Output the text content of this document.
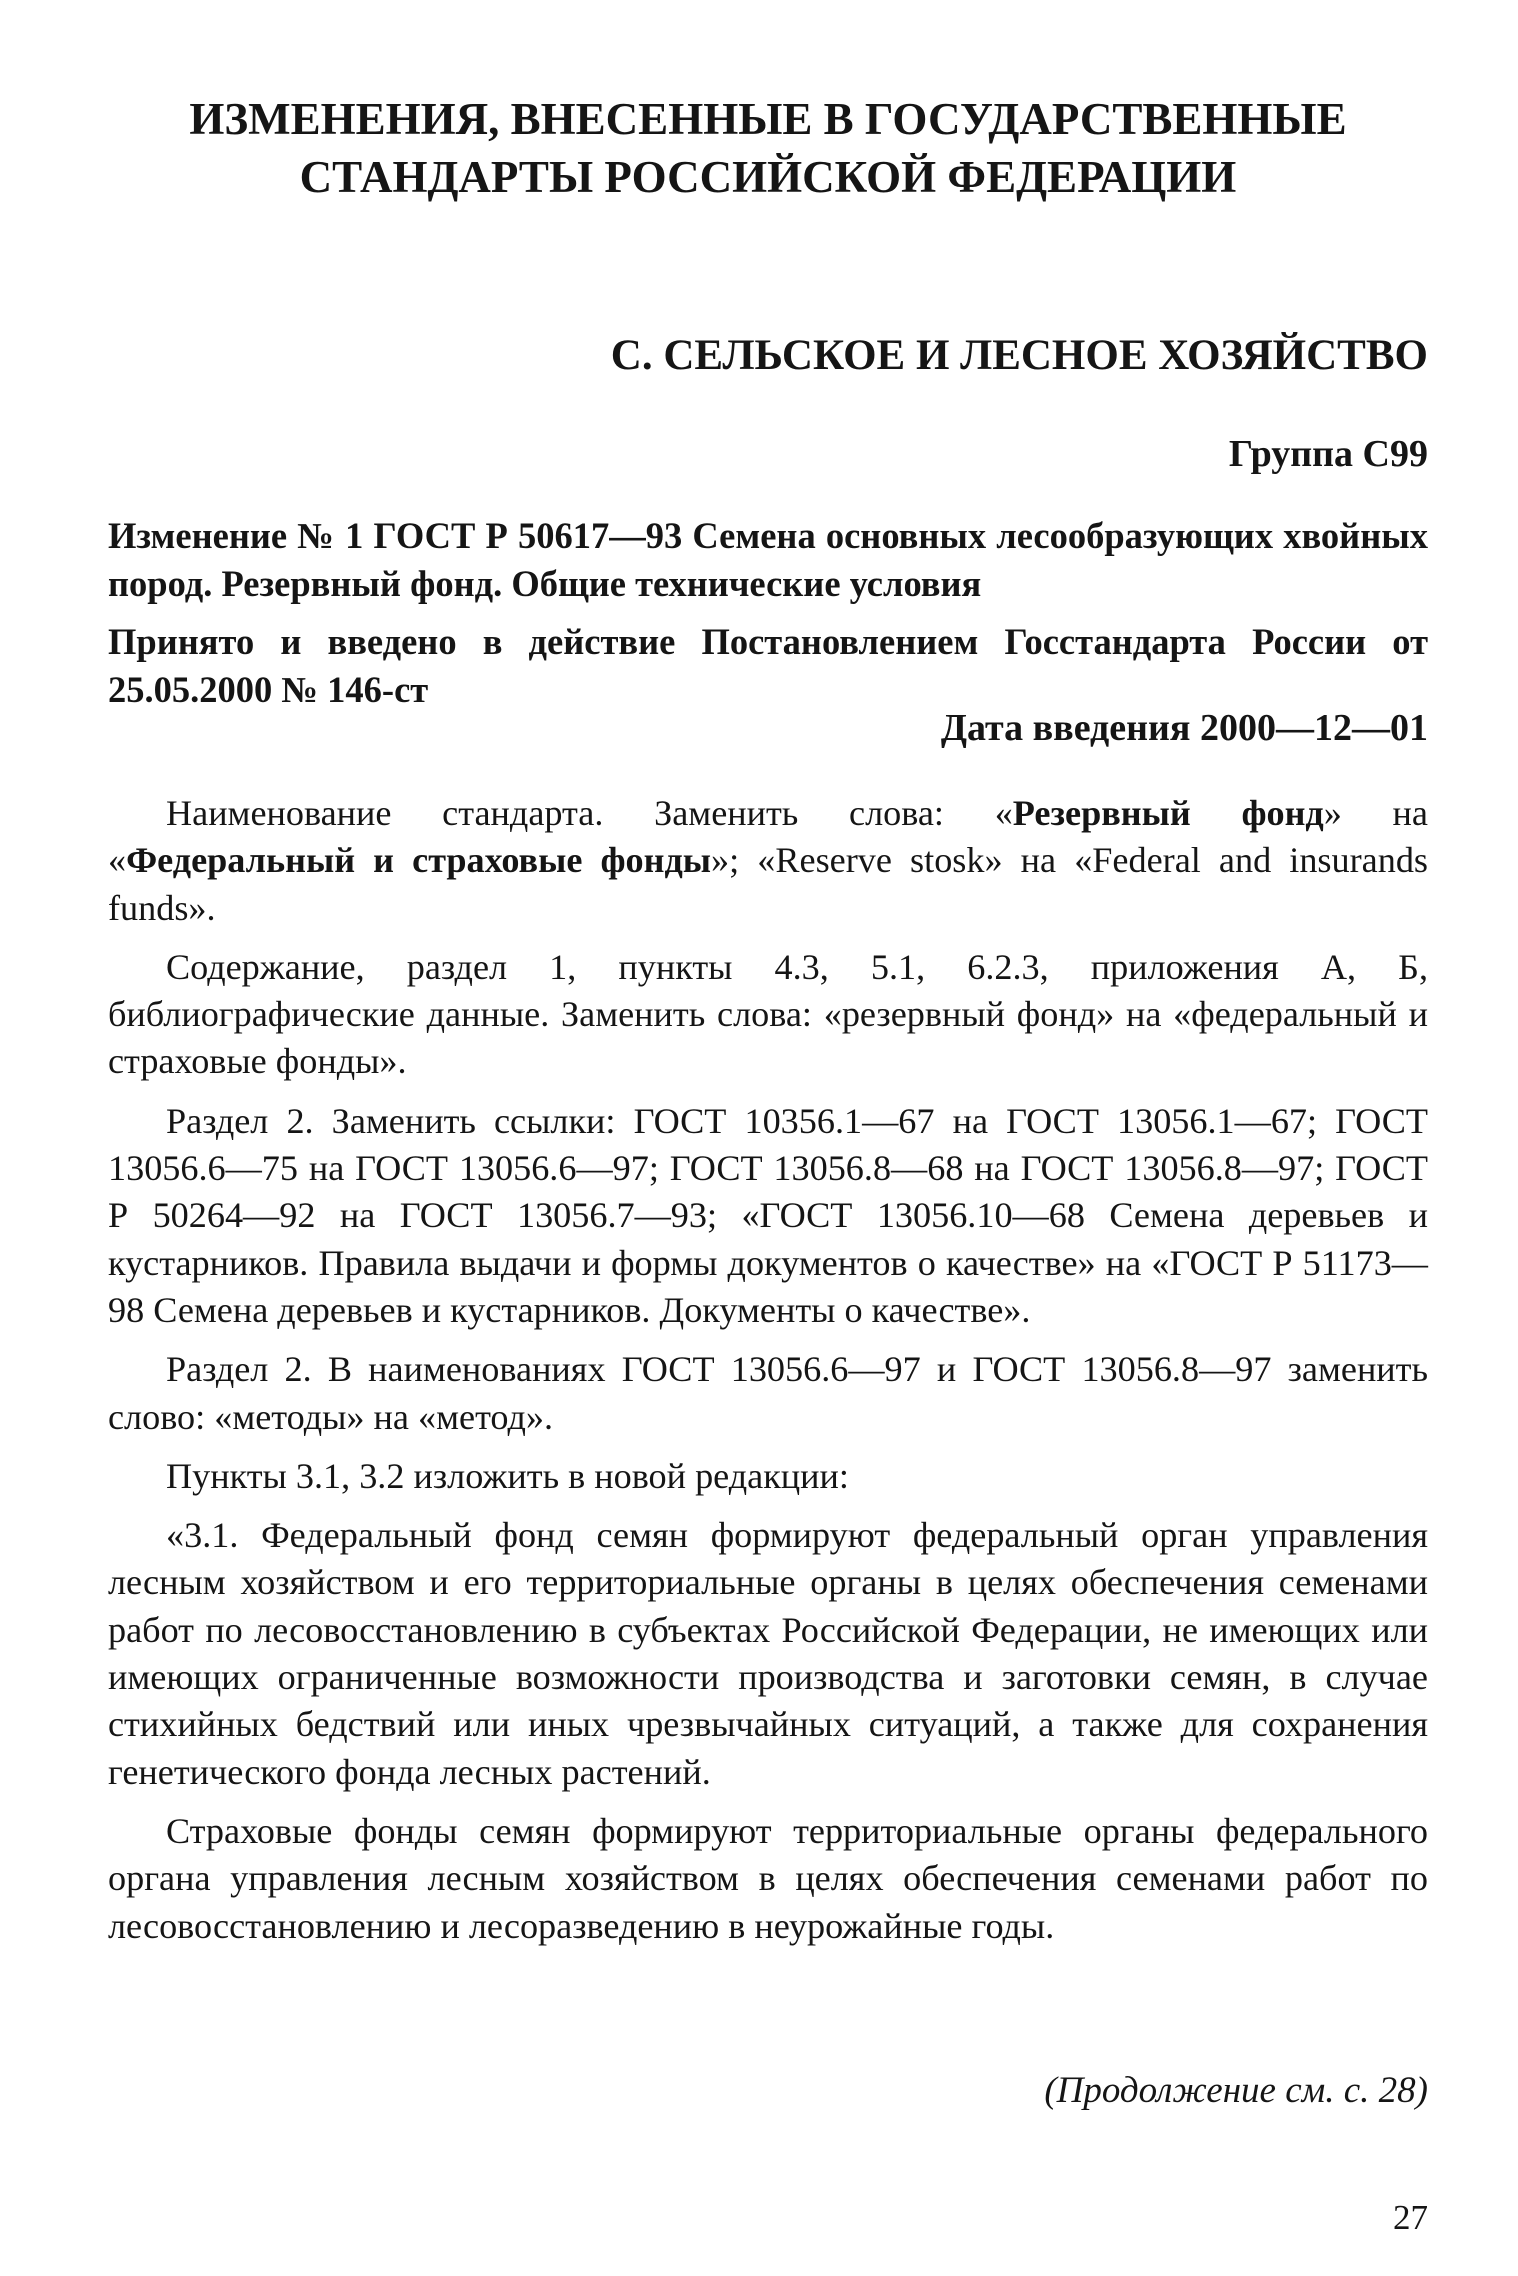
ИЗМЕНЕНИЯ, ВНЕСЕННЫЕ В ГОСУДАРСТВЕННЫЕ
СТАНДАРТЫ РОССИЙСКОЙ ФЕДЕРАЦИИ
С. СЕЛЬСКОЕ И ЛЕСНОЕ ХОЗЯЙСТВО
Группа С99

Изменение № 1 ГОСТ Р 50617—93 Семена основных лесообразующих хвойных пород. Резервный фонд. Общие технические условия

Принято и введено в действие Постановлением Госстандарта России от 25.05.2000 № 146-ст

Дата введения 2000—12—01

Наименование стандарта. Заменить слова: «Резервный фонд» на «Федеральный и страховые фонды»; «Reserve stosk» на «Federal and insurands funds».

Содержание, раздел 1, пункты 4.3, 5.1, 6.2.3, приложения А, Б, библиографические данные. Заменить слова: «резервный фонд» на «федеральный и страховые фонды».

Раздел 2. Заменить ссылки: ГОСТ 10356.1—67 на ГОСТ 13056.1—67; ГОСТ 13056.6—75 на ГОСТ 13056.6—97; ГОСТ 13056.8—68 на ГОСТ 13056.8—97; ГОСТ Р 50264—92 на ГОСТ 13056.7—93; «ГОСТ 13056.10—68 Семена деревьев и кустарников. Правила выдачи и формы документов о качестве» на «ГОСТ Р 51173—98 Семена деревьев и кустарников. Документы о качестве».

Раздел 2. В наименованиях ГОСТ 13056.6—97 и ГОСТ 13056.8—97 заменить слово: «методы» на «метод».

Пункты 3.1, 3.2 изложить в новой редакции:

«3.1. Федеральный фонд семян формируют федеральный орган управления лесным хозяйством и его территориальные органы в целях обеспечения семенами работ по лесовосстановлению в субъектах Российской Федерации, не имеющих или имеющих ограниченные возможности производства и заготовки семян, в случае стихийных бедствий или иных чрезвычайных ситуаций, а также для сохранения генетического фонда лесных растений.

Страховые фонды семян формируют территориальные органы федерального органа управления лесным хозяйством в целях обеспечения семенами работ по лесовосстановлению и лесоразведению в неурожайные годы.

(Продолжение см. с. 28)
27
